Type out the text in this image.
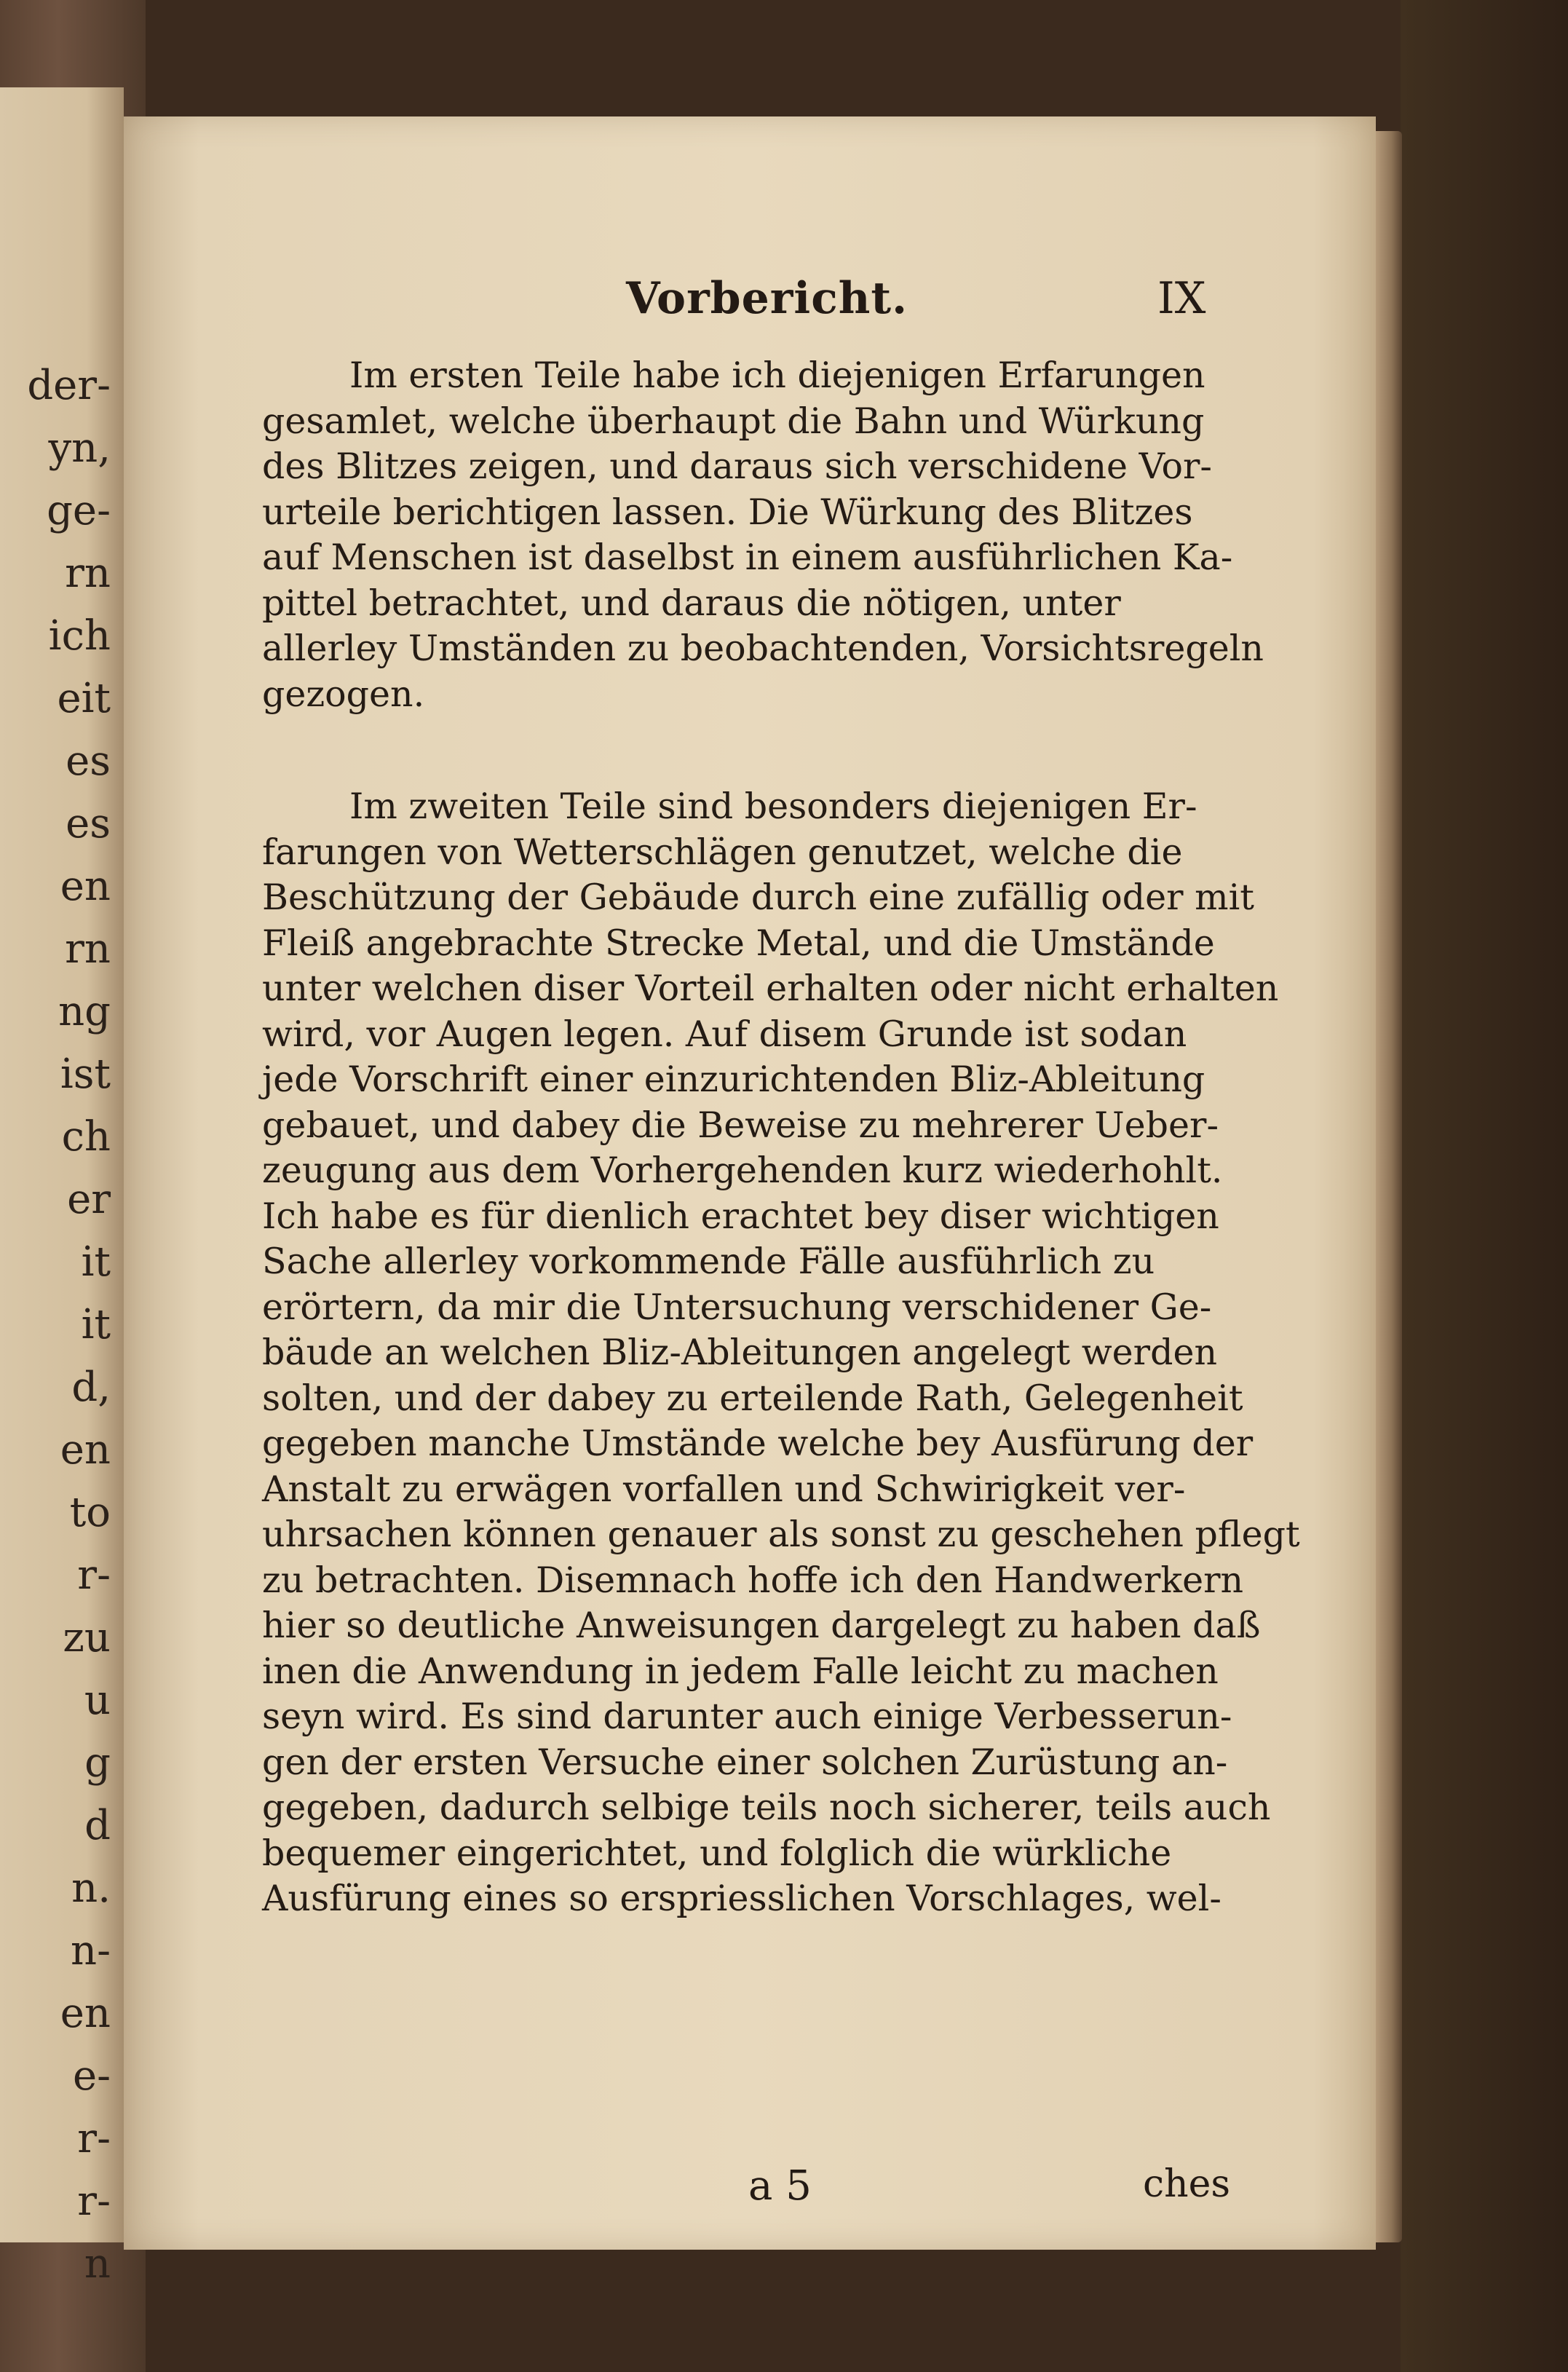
der-
yn,
ge-
rn
ich
eit
es
es
en
rn
ng
ist
ch
er
it
it
d,
en
to
r-
zu
u
g
d
n.
n-
en
e-
r-
r-
n
Vorbericht.	IX

Im ersten Teile habe ich diejenigen Erfarungen
gesamlet, welche überhaupt die Bahn und Würkung
des Blitzes zeigen, und daraus sich verschidene Vor-
urteile berichtigen lassen. Die Würkung des Blitzes
auf Menschen ist daselbst in einem ausführlichen Ka-
pittel betrachtet, und daraus die nötigen, unter
allerley Umständen zu beobachtenden, Vorsichtsregeln
gezogen.

Im zweiten Teile sind besonders diejenigen Er-
farungen von Wetterschlägen genutzet, welche die
Beschützung der Gebäude durch eine zufällig oder mit
Fleiß angebrachte Strecke Metal, und die Umstände
unter welchen diser Vorteil erhalten oder nicht erhalten
wird, vor Augen legen. Auf disem Grunde ist sodan
jede Vorschrift einer einzurichtenden Bliz-Ableitung
gebauet, und dabey die Beweise zu mehrerer Ueber-
zeugung aus dem Vorhergehenden kurz wiederhohlt.
Ich habe es für dienlich erachtet bey diser wichtigen
Sache allerley vorkommende Fälle ausführlich zu
erörtern, da mir die Untersuchung verschidener Ge-
bäude an welchen Bliz-Ableitungen angelegt werden
solten, und der dabey zu erteilende Rath, Gelegenheit
gegeben manche Umstände welche bey Ausfürung der
Anstalt zu erwägen vorfallen und Schwirigkeit ver-
uhrsachen können genauer als sonst zu geschehen pflegt
zu betrachten. Disemnach hoffe ich den Handwerkern
hier so deutliche Anweisungen dargelegt zu haben daß
inen die Anwendung in jedem Falle leicht zu machen
seyn wird. Es sind darunter auch einige Verbesserun-
gen der ersten Versuche einer solchen Zurüstung an-
gegeben, dadurch selbige teils noch sicherer, teils auch
bequemer eingerichtet, und folglich die würkliche
Ausfürung eines so erspriesslichen Vorschlages, wel-

a 5	ches
